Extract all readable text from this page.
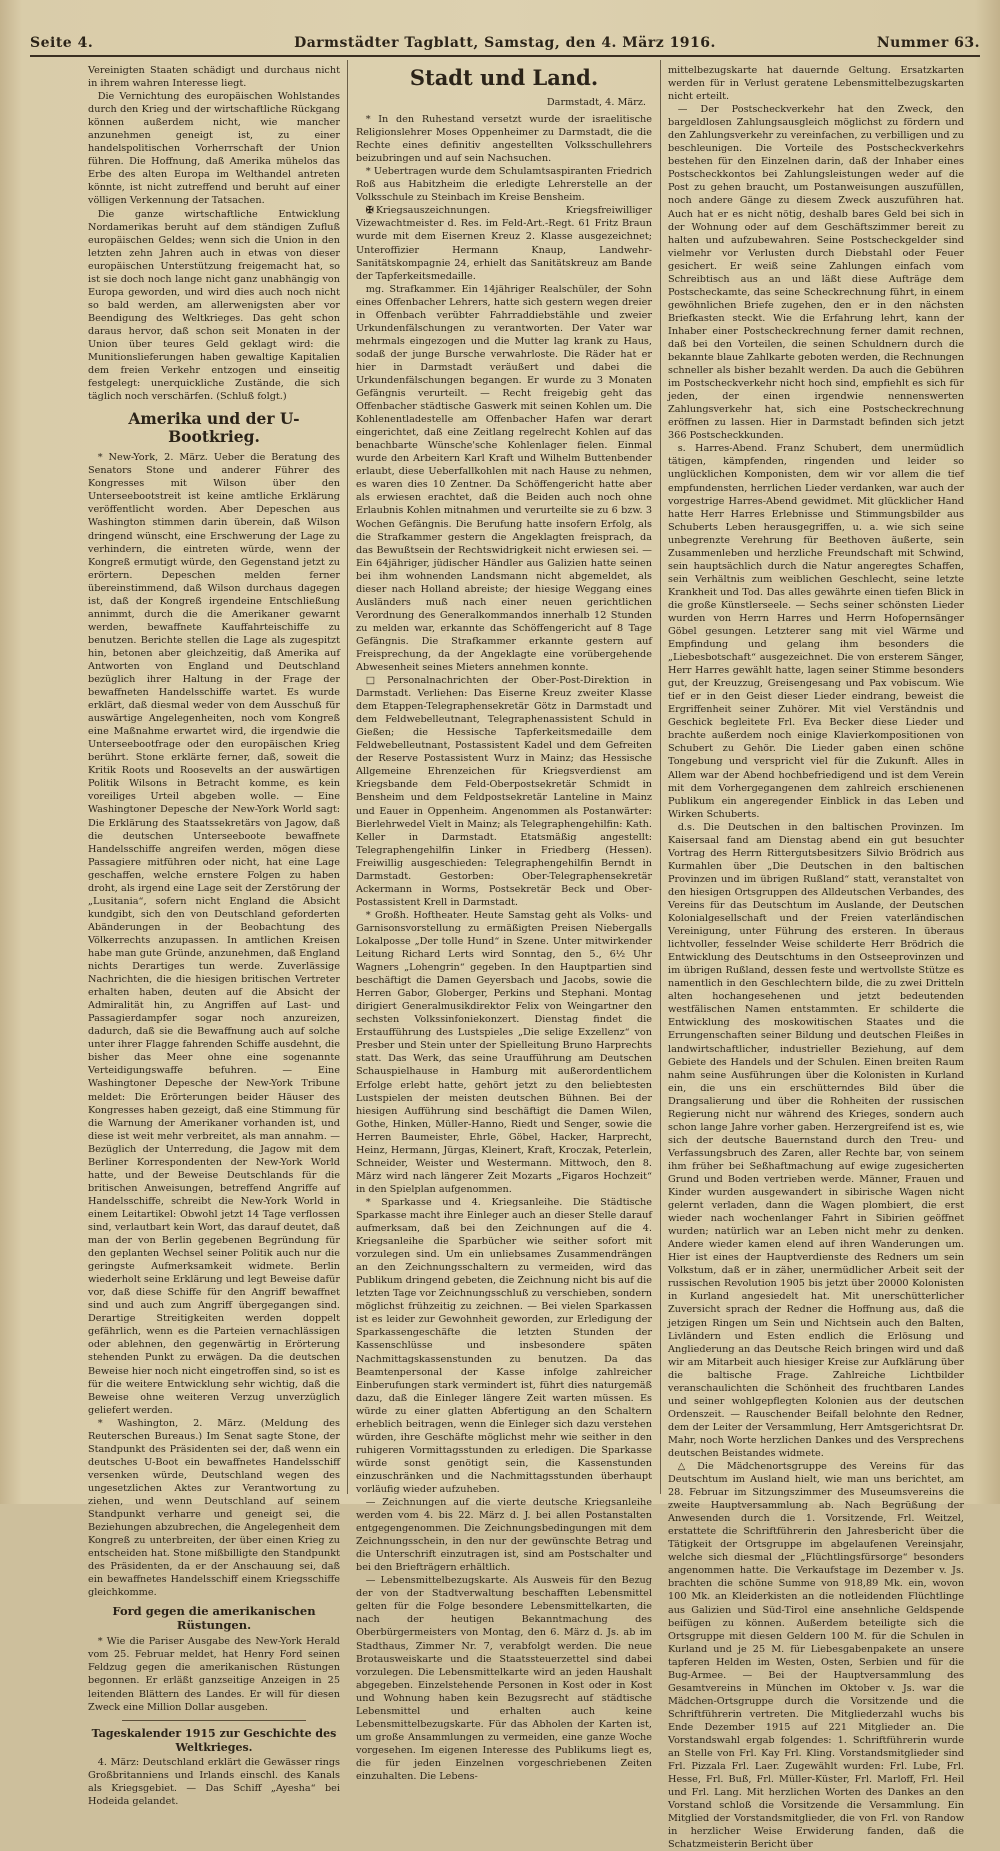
Seite 4.	Darmstädter Tagblatt, Samstag, den 4. März 1916.	Nummer 63.

Vereinigten Staaten schädigt und durchaus nicht in ihrem wahren Interesse liegt.

Die Vernichtung des europäischen Wohlstandes durch den Krieg und der wirtschaftliche Rückgang können außerdem nicht, wie mancher anzunehmen geneigt ist, zu einer handelspolitischen Vorherrschaft der Union führen. Die Hoffnung, daß Amerika mühelos das Erbe des alten Europa im Welthandel antreten könnte, ist nicht zutreffend und beruht auf einer völligen Verkennung der Tatsachen.

Die ganze wirtschaftliche Entwicklung Nordamerikas beruht auf dem ständigen Zufluß europäischen Geldes; wenn sich die Union in den letzten zehn Jahren auch in etwas von dieser europäischen Unterstützung freigemacht hat, so ist sie doch noch lange nicht ganz unabhängig von Europa geworden, und wird dies auch noch nicht so bald werden, am allerwenigsten aber vor Beendigung des Weltkrieges. Das geht schon daraus hervor, daß schon seit Monaten in der Union über teures Geld geklagt wird: die Munitionslieferungen haben gewaltige Kapitalien dem freien Verkehr entzogen und einseitig festgelegt: unerquickliche Zustände, die sich täglich noch verschärfen. (Schluß folgt.)

Amerika und der U-Bootkrieg.

* New-York, 2. März. Ueber die Beratung des Senators Stone und anderer Führer des Kongresses mit Wilson über den Unterseebootstreit ist keine amtliche Erklärung veröffentlicht worden. Aber Depeschen aus Washington stimmen darin überein, daß Wilson dringend wünscht, eine Erschwerung der Lage zu verhindern, die eintreten würde, wenn der Kongreß ermutigt würde, den Gegenstand jetzt zu erörtern. Depeschen melden ferner übereinstimmend, daß Wilson durchaus dagegen ist, daß der Kongreß irgendeine Entschließung annimmt, durch die die Amerikaner gewarnt werden, bewaffnete Kauffahrteischiffe zu benutzen. Berichte stellen die Lage als zugespitzt hin, betonen aber gleichzeitig, daß Amerika auf Antworten von England und Deutschland bezüglich ihrer Haltung in der Frage der bewaffneten Handelsschiffe wartet. Es wurde erklärt, daß diesmal weder von dem Ausschuß für auswärtige Angelegenheiten, noch vom Kongreß eine Maßnahme erwartet wird, die irgendwie die Unterseebootfrage oder den europäischen Krieg berührt. Stone erklärte ferner, daß, soweit die Kritik Roots und Roosevelts an der auswärtigen Politik Wilsons in Betracht komme, es kein voreiliges Urteil abgeben wolle. — Eine Washingtoner Depesche der New-York World sagt: Die Erklärung des Staatssekretärs von Jagow, daß die deutschen Unterseeboote bewaffnete Handelsschiffe angreifen werden, mögen diese Passagiere mitführen oder nicht, hat eine Lage geschaffen, welche ernstere Folgen zu haben droht, als irgend eine Lage seit der Zerstörung der „Lusitania“, sofern nicht England die Absicht kundgibt, sich den von Deutschland geforderten Abänderungen in der Beobachtung des Völkerrechts anzupassen. In amtlichen Kreisen habe man gute Gründe, anzunehmen, daß England nichts Derartiges tun werde. Zuverlässige Nachrichten, die die hiesigen britischen Vertreter erhalten haben, deuten auf die Absicht der Admiralität hin, zu Angriffen auf Last- und Passagierdampfer sogar noch anzureizen, dadurch, daß sie die Bewaffnung auch auf solche unter ihrer Flagge fahrenden Schiffe ausdehnt, die bisher das Meer ohne eine sogenannte Verteidigungswaffe befuhren. — Eine Washingtoner Depesche der New-York Tribune meldet: Die Erörterungen beider Häuser des Kongresses haben gezeigt, daß eine Stimmung für die Warnung der Amerikaner vorhanden ist, und diese ist weit mehr verbreitet, als man annahm. — Bezüglich der Unterredung, die Jagow mit dem Berliner Korrespondenten der New-York World hatte, und der Beweise Deutschlands für die britischen Anweisungen, betreffend Angriffe auf Handelsschiffe, schreibt die New-York World in einem Leitartikel: Obwohl jetzt 14 Tage verflossen sind, verlautbart kein Wort, das darauf deutet, daß man der von Berlin gegebenen Begründung für den geplanten Wechsel seiner Politik auch nur die geringste Aufmerksamkeit widmete. Berlin wiederholt seine Erklärung und legt Beweise dafür vor, daß diese Schiffe für den Angriff bewaffnet sind und auch zum Angriff übergegangen sind. Derartige Streitigkeiten werden doppelt gefährlich, wenn es die Parteien vernachlässigen oder ablehnen, den gegenwärtig in Erörterung stehenden Punkt zu erwägen. Da die deutschen Beweise hier noch nicht eingetroffen sind, so ist es für die weitere Entwicklung sehr wichtig, daß die Beweise ohne weiteren Verzug unverzüglich geliefert werden.

* Washington, 2. März. (Meldung des Reuterschen Bureaus.) Im Senat sagte Stone, der Standpunkt des Präsidenten sei der, daß wenn ein deutsches U-Boot ein bewaffnetes Handelsschiff versenken würde, Deutschland wegen des ungesetzlichen Aktes zur Verantwortung zu ziehen, und wenn Deutschland auf seinem Standpunkt verharre und geneigt sei, die Beziehungen abzubrechen, die Angelegenheit dem Kongreß zu unterbreiten, der über einen Krieg zu entscheiden hat. Stone mißbilligte den Standpunkt des Präsidenten, da er der Anschauung sei, daß ein bewaffnetes Handelsschiff einem Kriegsschiffe gleichkomme.

Ford gegen die amerikanischen Rüstungen.

* Wie die Pariser Ausgabe des New-York Herald vom 25. Februar meldet, hat Henry Ford seinen Feldzug gegen die amerikanischen Rüstungen begonnen. Er erläßt ganzseitige Anzeigen in 25 leitenden Blättern des Landes. Er will für diesen Zweck eine Million Dollar ausgeben.

Tageskalender 1915 zur Geschichte des Weltkrieges.

4. März: Deutschland erklärt die Gewässer rings Großbritanniens und Irlands einschl. des Kanals als Kriegsgebiet. — Das Schiff „Ayesha“ bei Hodeida gelandet.

Stadt und Land.
Darmstadt, 4. März.

* In den Ruhestand versetzt wurde der israelitische Religionslehrer Moses Oppenheimer zu Darmstadt, die die Rechte eines definitiv angestellten Volksschullehrers beizubringen und auf sein Nachsuchen.

* Uebertragen wurde dem Schulamtsaspiranten Friedrich Roß aus Habitzheim die erledigte Lehrerstelle an der Volksschule zu Steinbach im Kreise Bensheim.

✠ Kriegsauszeichnungen. Kriegsfreiwilliger Vizewachtmeister d. Res. im Feld-Art.-Regt. 61 Fritz Braun wurde mit dem Eisernen Kreuz 2. Klasse ausgezeichnet; Unteroffizier Hermann Knaup, Landwehr-Sanitätskompagnie 24, erhielt das Sanitätskreuz am Bande der Tapferkeitsmedaille.

mg. Strafkammer. Ein 14jähriger Realschüler, der Sohn eines Offenbacher Lehrers, hatte sich gestern wegen dreier in Offenbach verübter Fahrraddiebstähle und zweier Urkundenfälschungen zu verantworten. Der Vater war mehrmals eingezogen und die Mutter lag krank zu Haus, sodaß der junge Bursche verwahrloste. Die Räder hat er hier in Darmstadt veräußert und dabei die Urkundenfälschungen begangen. Er wurde zu 3 Monaten Gefängnis verurteilt. — Recht freigebig geht das Offenbacher städtische Gaswerk mit seinen Kohlen um. Die Kohlenentladestelle am Offenbacher Hafen war derart eingerichtet, daß eine Zeitlang regelrecht Kohlen auf das benachbarte Wünsche'sche Kohlenlager fielen. Einmal wurde den Arbeitern Karl Kraft und Wilhelm Buttenbender erlaubt, diese Ueberfallkohlen mit nach Hause zu nehmen, es waren dies 10 Zentner. Da Schöffengericht hatte aber als erwiesen erachtet, daß die Beiden auch noch ohne Erlaubnis Kohlen mitnahmen und verurteilte sie zu 6 bzw. 3 Wochen Gefängnis. Die Berufung hatte insofern Erfolg, als die Strafkammer gestern die Angeklagten freisprach, da das Bewußtsein der Rechtswidrigkeit nicht erwiesen sei. — Ein 64jähriger, jüdischer Händler aus Galizien hatte seinen bei ihm wohnenden Landsmann nicht abgemeldet, als dieser nach Holland abreiste; der hiesige Weggang eines Ausländers muß nach einer neuen gerichtlichen Verordnung des Generalkommandos innerhalb 12 Stunden zu melden war, erkannte das Schöffengericht auf 8 Tage Gefängnis. Die Strafkammer erkannte gestern auf Freisprechung, da der Angeklagte eine vorübergehende Abwesenheit seines Mieters annehmen konnte.

□ Personalnachrichten der Ober-Post-Direktion in Darmstadt. Verliehen: Das Eiserne Kreuz zweiter Klasse dem Etappen-Telegraphensekretär Götz in Darmstadt und dem Feldwebelleutnant, Telegraphenassistent Schuld in Gießen; die Hessische Tapferkeitsmedaille dem Feldwebelleutnant, Postassistent Kadel und dem Gefreiten der Reserve Postassistent Wurz in Mainz; das Hessische Allgemeine Ehrenzeichen für Kriegsverdienst am Kriegsbande dem Feld-Oberpostsekretär Schmidt in Bensheim und dem Feldpostsekretär Lanteline in Mainz und Eauer in Oppenheim. Angenommen als Postanwärter: Bierlehrwedel Vielt in Mainz; als Telegraphengehilfin: Kath. Keller in Darmstadt. Etatsmäßig angestellt: Telegraphengehilfin Linker in Friedberg (Hessen). Freiwillig ausgeschieden: Telegraphengehilfin Berndt in Darmstadt. Gestorben: Ober-Telegraphensekretär Ackermann in Worms, Postsekretär Beck und Ober-Postassistent Krell in Darmstadt.

* Großh. Hoftheater. Heute Samstag geht als Volks- und Garnisonsvorstellung zu ermäßigten Preisen Niebergalls Lokalposse „Der tolle Hund“ in Szene. Unter mitwirkender Leitung Richard Lerts wird Sonntag, den 5., 6½ Uhr Wagners „Lohengrin“ gegeben. In den Hauptpartien sind beschäftigt die Damen Geyersbach und Jacobs, sowie die Herren Gabor, Globerger, Perkins und Stephani. Montag dirigiert Generalmusikdirektor Felix von Weingartner den sechsten Volkssinfoniekonzert. Dienstag findet die Erstaufführung des Lustspieles „Die selige Exzellenz“ von Presber und Stein unter der Spielleitung Bruno Harprechts statt. Das Werk, das seine Uraufführung am Deutschen Schauspielhause in Hamburg mit außerordentlichem Erfolge erlebt hatte, gehört jetzt zu den beliebtesten Lustspielen der meisten deutschen Bühnen. Bei der hiesigen Aufführung sind beschäftigt die Damen Wilen, Gothe, Hinken, Müller-Hanno, Riedt und Senger, sowie die Herren Baumeister, Ehrle, Göbel, Hacker, Harprecht, Heinz, Hermann, Jürgas, Kleinert, Kraft, Kroczak, Peterlein, Schneider, Weister und Westermann. Mittwoch, den 8. März wird nach längerer Zeit Mozarts „Figaros Hochzeit“ in den Spielplan aufgenommen.

* Sparkasse und 4. Kriegsanleihe. Die Städtische Sparkasse macht ihre Einleger auch an dieser Stelle darauf aufmerksam, daß bei den Zeichnungen auf die 4. Kriegsanleihe die Sparbücher wie seither sofort mit vorzulegen sind. Um ein unliebsames Zusammendrängen an den Zeichnungsschaltern zu vermeiden, wird das Publikum dringend gebeten, die Zeichnung nicht bis auf die letzten Tage vor Zeichnungsschluß zu verschieben, sondern möglichst frühzeitig zu zeichnen. — Bei vielen Sparkassen ist es leider zur Gewohnheit geworden, zur Erledigung der Sparkassengeschäfte die letzten Stunden der Kassenschlüsse und insbesondere späten Nachmittagskassenstunden zu benutzen. Da das Beamtenpersonal der Kasse infolge zahlreicher Einberufungen stark vermindert ist, führt dies naturgemäß dazu, daß die Einleger längere Zeit warten müssen. Es würde zu einer glatten Abfertigung an den Schaltern erheblich beitragen, wenn die Einleger sich dazu verstehen würden, ihre Geschäfte möglichst mehr wie seither in den ruhigeren Vormittagsstunden zu erledigen. Die Sparkasse würde sonst genötigt sein, die Kassenstunden einzuschränken und die Nachmittagsstunden überhaupt vorläufig wieder aufzuheben.

— Zeichnungen auf die vierte deutsche Kriegsanleihe werden vom 4. bis 22. März d. J. bei allen Postanstalten entgegengenommen. Die Zeichnungsbedingungen mit dem Zeichnungsschein, in den nur der gewünschte Betrag und die Unterschrift einzutragen ist, sind am Postschalter und bei den Briefträgern erhältlich.

— Lebensmittelbezugskarte. Als Ausweis für den Bezug der von der Stadtverwaltung beschafften Lebensmittel gelten für die Folge besondere Lebensmittelkarten, die nach der heutigen Bekanntmachung des Oberbürgermeisters von Montag, den 6. März d. Js. ab im Stadthaus, Zimmer Nr. 7, verabfolgt werden. Die neue Brotausweiskarte und die Staatssteuerzettel sind dabei vorzulegen. Die Lebensmittelkarte wird an jeden Haushalt abgegeben. Einzelstehende Personen in Kost oder in Kost und Wohnung haben kein Bezugsrecht auf städtische Lebensmittel und erhalten auch keine Lebensmittelbezugskarte. Für das Abholen der Karten ist, um große Ansammlungen zu vermeiden, eine ganze Woche vorgesehen. Im eigenen Interesse des Publikums liegt es, die für jeden Einzelnen vorgeschriebenen Zeiten einzuhalten. Die Lebens-

mittelbezugskarte hat dauernde Geltung. Ersatzkarten werden für in Verlust geratene Lebensmittelbezugskarten nicht erteilt.

— Der Postscheckverkehr hat den Zweck, den bargeldlosen Zahlungsausgleich möglichst zu fördern und den Zahlungsverkehr zu vereinfachen, zu verbilligen und zu beschleunigen. Die Vorteile des Postscheckverkehrs bestehen für den Einzelnen darin, daß der Inhaber eines Postscheckkontos bei Zahlungsleistungen weder auf die Post zu gehen braucht, um Postanweisungen auszufüllen, noch andere Gänge zu diesem Zweck auszuführen hat. Auch hat er es nicht nötig, deshalb bares Geld bei sich in der Wohnung oder auf dem Geschäftszimmer bereit zu halten und aufzubewahren. Seine Postscheckgelder sind vielmehr vor Verlusten durch Diebstahl oder Feuer gesichert. Er weiß seine Zahlungen einfach vom Schreibtisch aus an und läßt diese Aufträge dem Postscheckamte, das seine Scheckrechnung führt, in einem gewöhnlichen Briefe zugehen, den er in den nächsten Briefkasten steckt. Wie die Erfahrung lehrt, kann der Inhaber einer Postscheckrechnung ferner damit rechnen, daß bei den Vorteilen, die seinen Schuldnern durch die bekannte blaue Zahlkarte geboten werden, die Rechnungen schneller als bisher bezahlt werden. Da auch die Gebühren im Postscheckverkehr nicht hoch sind, empfiehlt es sich für jeden, der einen irgendwie nennenswerten Zahlungsverkehr hat, sich eine Postscheckrechnung eröffnen zu lassen. Hier in Darmstadt befinden sich jetzt 366 Postscheckkunden.

s. Harres-Abend. Franz Schubert, dem unermüdlich tätigen, kämpfenden, ringenden und leider so unglücklichen Komponisten, dem wir vor allem die tief empfundensten, herrlichen Lieder verdanken, war auch der vorgestrige Harres-Abend gewidmet. Mit glücklicher Hand hatte Herr Harres Erlebnisse und Stimmungsbilder aus Schuberts Leben herausgegriffen, u. a. wie sich seine unbegrenzte Verehrung für Beethoven äußerte, sein Zusammenleben und herzliche Freundschaft mit Schwind, sein hauptsächlich durch die Natur angeregtes Schaffen, sein Verhältnis zum weiblichen Geschlecht, seine letzte Krankheit und Tod. Das alles gewährte einen tiefen Blick in die große Künstlerseele. — Sechs seiner schönsten Lieder wurden von Herrn Harres und Herrn Hofopernsänger Göbel gesungen. Letzterer sang mit viel Wärme und Empfindung und gelang ihm besonders die „Liebesbotschaft“ ausgezeichnet. Die von ersterem Sänger, Herr Harres gewählt hatte, lagen seiner Stimme besonders gut, der Kreuzzug, Greisengesang und Pax vobiscum. Wie tief er in den Geist dieser Lieder eindrang, beweist die Ergriffenheit seiner Zuhörer. Mit viel Verständnis und Geschick begleitete Frl. Eva Becker diese Lieder und brachte außerdem noch einige Klavierkompositionen von Schubert zu Gehör. Die Lieder gaben einen schöne Tongebung und verspricht viel für die Zukunft. Alles in Allem war der Abend hochbefriedigend und ist dem Verein mit dem Vorhergegangenen dem zahlreich erschienenen Publikum ein angeregender Einblick in das Leben und Wirken Schuberts.

d.s. Die Deutschen in den baltischen Provinzen. Im Kaisersaal fand am Dienstag abend ein gut besuchter Vortrag des Herrn Rittergutsbesitzers Silvio Brödrich aus Kurmahlen über „Die Deutschen in den baltischen Provinzen und im übrigen Rußland“ statt, veranstaltet von den hiesigen Ortsgruppen des Alldeutschen Verbandes, des Vereins für das Deutschtum im Auslande, der Deutschen Kolonialgesellschaft und der Freien vaterländischen Vereinigung, unter Führung des ersteren. In überaus lichtvoller, fesselnder Weise schilderte Herr Brödrich die Entwicklung des Deutschtums in den Ostseeprovinzen und im übrigen Rußland, dessen feste und wertvollste Stütze es namentlich in den Geschlechtern bilde, die zu zwei Dritteln alten hochangesehenen und jetzt bedeutenden westfälischen Namen entstammten. Er schilderte die Entwicklung des moskowitischen Staates und die Errungenschaften seiner Bildung und deutschen Fleißes in landwirtschaftlicher, industrieller Beziehung, auf dem Gebiete des Handels und der Schulen. Einen breiten Raum nahm seine Ausführungen über die Kolonisten in Kurland ein, die uns ein erschütterndes Bild über die Drangsalierung und über die Rohheiten der russischen Regierung nicht nur während des Krieges, sondern auch schon lange Jahre vorher gaben. Herzergreifend ist es, wie sich der deutsche Bauernstand durch den Treu- und Verfassungsbruch des Zaren, aller Rechte bar, von seinem ihm früher bei Seßhaftmachung auf ewige zugesicherten Grund und Boden vertrieben werde. Männer, Frauen und Kinder wurden ausgewandert in sibirische Wagen nicht gelernt verladen, dann die Wagen plombiert, die erst wieder nach wochenlanger Fahrt in Sibirien geöffnet wurden; natürlich war an Leben nicht mehr zu denken. Andere wieder kamen elend auf ihren Wanderungen um. Hier ist eines der Hauptverdienste des Redners um sein Volkstum, daß er in zäher, unermüdlicher Arbeit seit der russischen Revolution 1905 bis jetzt über 20000 Kolonisten in Kurland angesiedelt hat. Mit unerschütterlicher Zuversicht sprach der Redner die Hoffnung aus, daß die jetzigen Ringen um Sein und Nichtsein auch den Balten, Livländern und Esten endlich die Erlösung und Angliederung an das Deutsche Reich bringen wird und daß wir am Mitarbeit auch hiesiger Kreise zur Aufklärung über die baltische Frage. Zahlreiche Lichtbilder veranschaulichten die Schönheit des fruchtbaren Landes und seiner wohlgepflegten Kolonien aus der deutschen Ordenszeit. — Rauschender Beifall belohnte den Redner, dem der Leiter der Versammlung, Herr Amtsgerichtsrat Dr. Mahr, noch Worte herzlichen Dankes und des Versprechens deutschen Beistandes widmete.

△ Die Mädchenortsgruppe des Vereins für das Deutschtum im Ausland hielt, wie man uns berichtet, am 28. Februar im Sitzungszimmer des Museumsvereins die zweite Hauptversammlung ab. Nach Begrüßung der Anwesenden durch die 1. Vorsitzende, Frl. Weitzel, erstattete die Schriftführerin den Jahresbericht über die Tätigkeit der Ortsgruppe im abgelaufenen Vereinsjahr, welche sich diesmal der „Flüchtlingsfürsorge“ besonders angenommen hatte. Die Verkaufstage im Dezember v. Js. brachten die schöne Summe von 918,89 Mk. ein, wovon 100 Mk. an Kleiderkisten an die notleidenden Flüchtlinge aus Galizien und Süd-Tirol eine ansehnliche Geldspende beifügen zu können. Außerdem beteiligte sich die Ortsgruppe mit diesen Geldern 100 M. für die Schulen in Kurland und je 25 M. für Liebesgabenpakete an unsere tapferen Helden im Westen, Osten, Serbien und für die Bug-Armee. — Bei der Hauptversammlung des Gesamtvereins in München im Oktober v. Js. war die Mädchen-Ortsgruppe durch die Vorsitzende und die Schriftführerin vertreten. Die Mitgliederzahl wuchs bis Ende Dezember 1915 auf 221 Mitglieder an. Die Vorstandswahl ergab folgendes: 1. Schriftführerin wurde an Stelle von Frl. Kay Frl. Kling. Vorstandsmitglieder sind Frl. Pizzala Frl. Laer. Zugewählt wurden: Frl. Lube, Frl. Hesse, Frl. Buß, Frl. Müller-Küster, Frl. Marloff, Frl. Heil und Frl. Lang. Mit herzlichen Worten des Dankes an den Vorstand schloß die Vorsitzende die Versammlung. Ein Mitglied der Vorstandsmitglieder, die von Frl. von Randow in herzlicher Weise Erwiderung fanden, daß die Schatzmeisterin Bericht über
